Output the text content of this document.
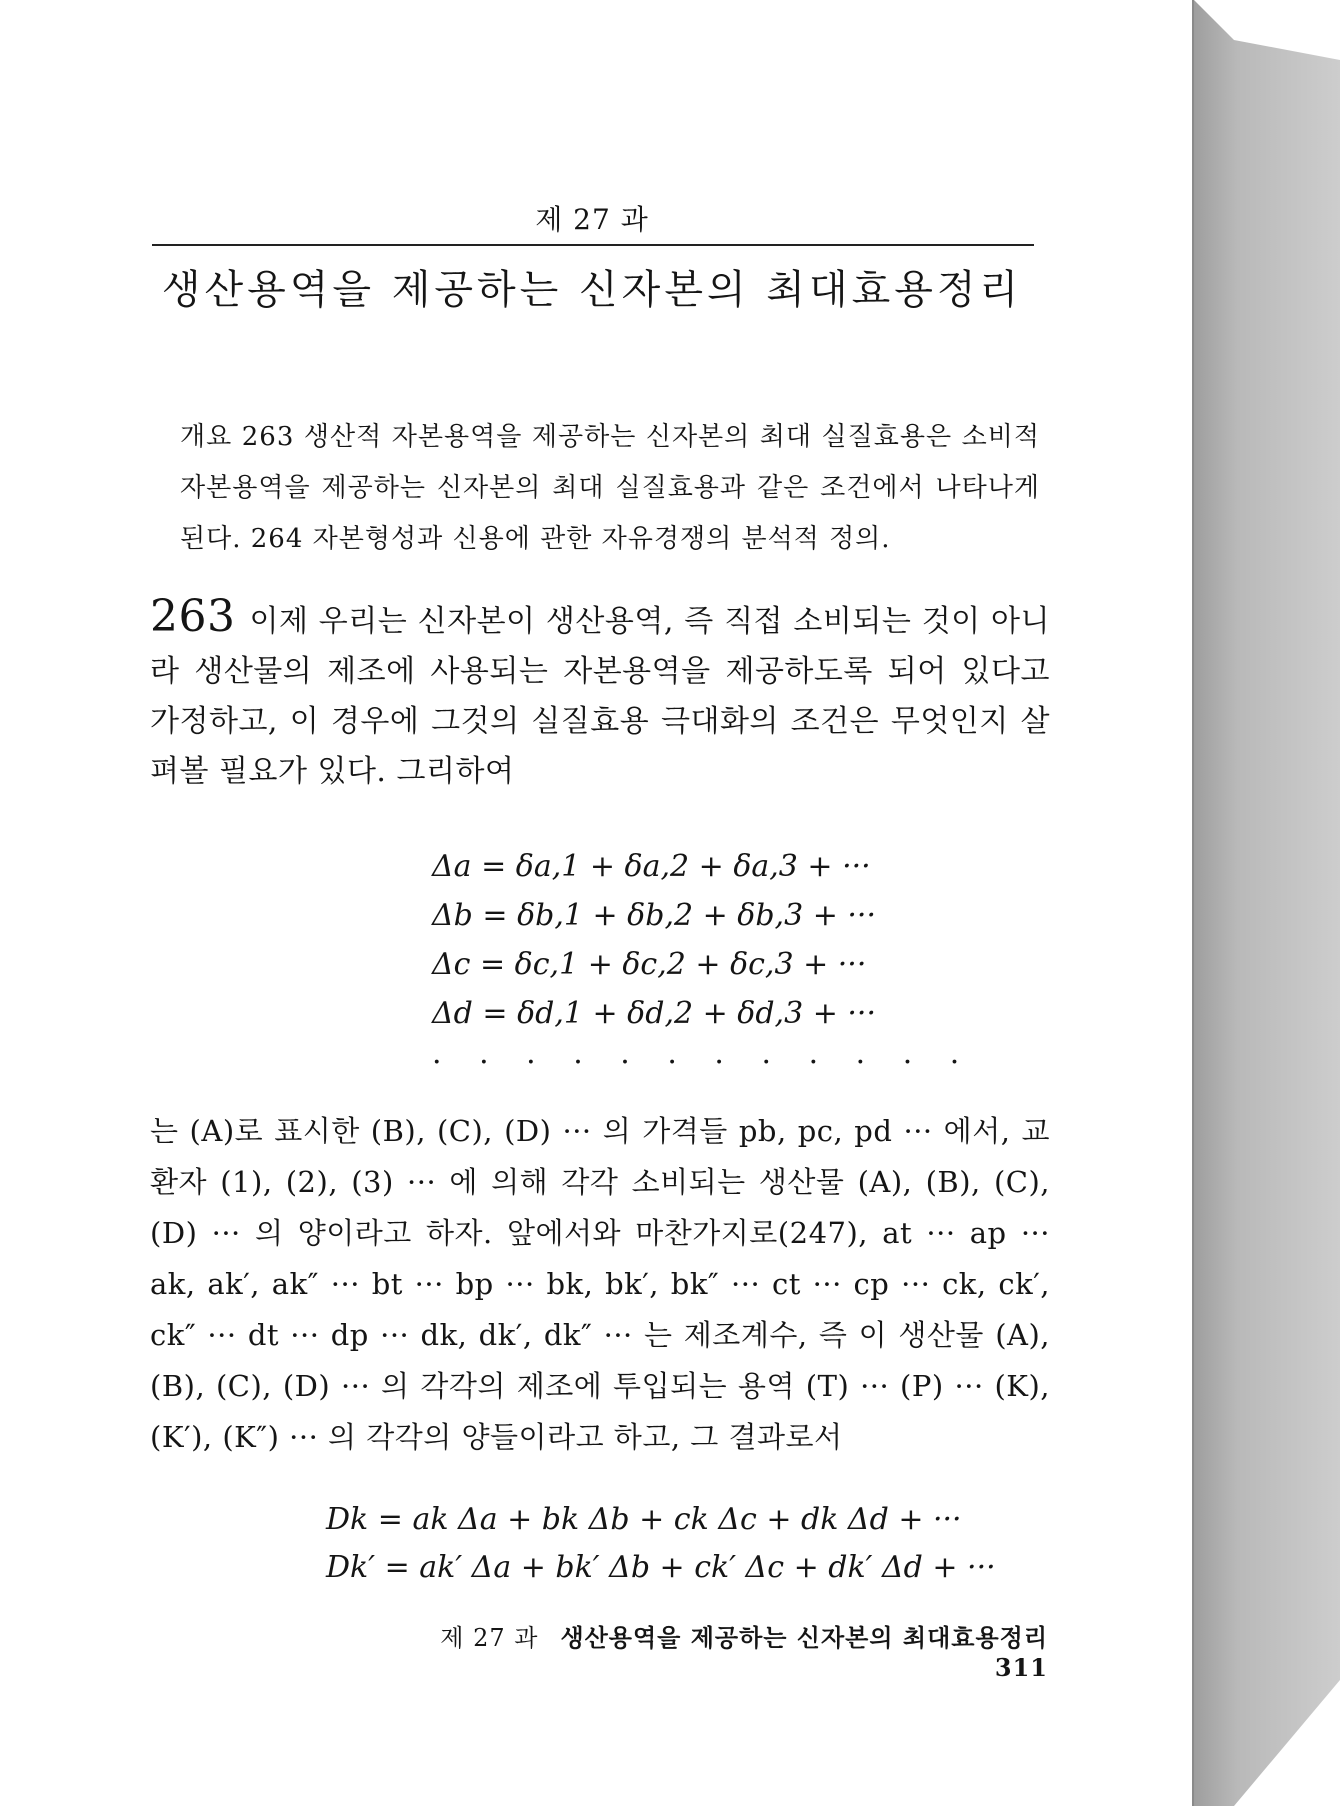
제 27 과
생산용역을 제공하는 신자본의 최대효용정리

개요 263 생산적 자본용역을 제공하는 신자본의 최대 실질효용은 소비적 자본용역을 제공하는 신자본의 최대 실질효용과 같은 조건에서 나타나게 된다. 264 자본형성과 신용에 관한 자유경쟁의 분석적 정의.

263 이제 우리는 신자본이 생산용역, 즉 직접 소비되는 것이 아니라 생산물의 제조에 사용되는 자본용역을 제공하도록 되어 있다고 가정하고, 이 경우에 그것의 실질효용 극대화의 조건은 무엇인지 살펴볼 필요가 있다. 그리하여

Δa = δa,1 + δa,2 + δa,3 + ···
Δb = δb,1 + δb,2 + δb,3 + ···
Δc = δc,1 + δc,2 + δc,3 + ···
Δd = δd,1 + δd,2 + δd,3 + ···
· · · · · · · · · · · ·

는 (A)로 표시한 (B), (C), (D) ··· 의 가격들 pb, pc, pd ··· 에서, 교환자 (1), (2), (3) ··· 에 의해 각각 소비되는 생산물 (A), (B), (C), (D) ··· 의 양이라고 하자. 앞에서와 마찬가지로(247), at ··· ap ··· ak, ak′, ak″ ··· bt ··· bp ··· bk, bk′, bk″ ··· ct ··· cp ··· ck, ck′, ck″ ··· dt ··· dp ··· dk, dk′, dk″ ··· 는 제조계수, 즉 이 생산물 (A), (B), (C), (D) ··· 의 각각의 제조에 투입되는 용역 (T) ··· (P) ··· (K), (K′), (K″) ··· 의 각각의 양들이라고 하고, 그 결과로서

Dk = ak Δa + bk Δb + ck Δc + dk Δd + ···
Dk′ = ak′ Δa + bk′ Δb + ck′ Δc + dk′ Δd + ···
제 27 과 생산용역을 제공하는 신자본의 최대효용정리311
